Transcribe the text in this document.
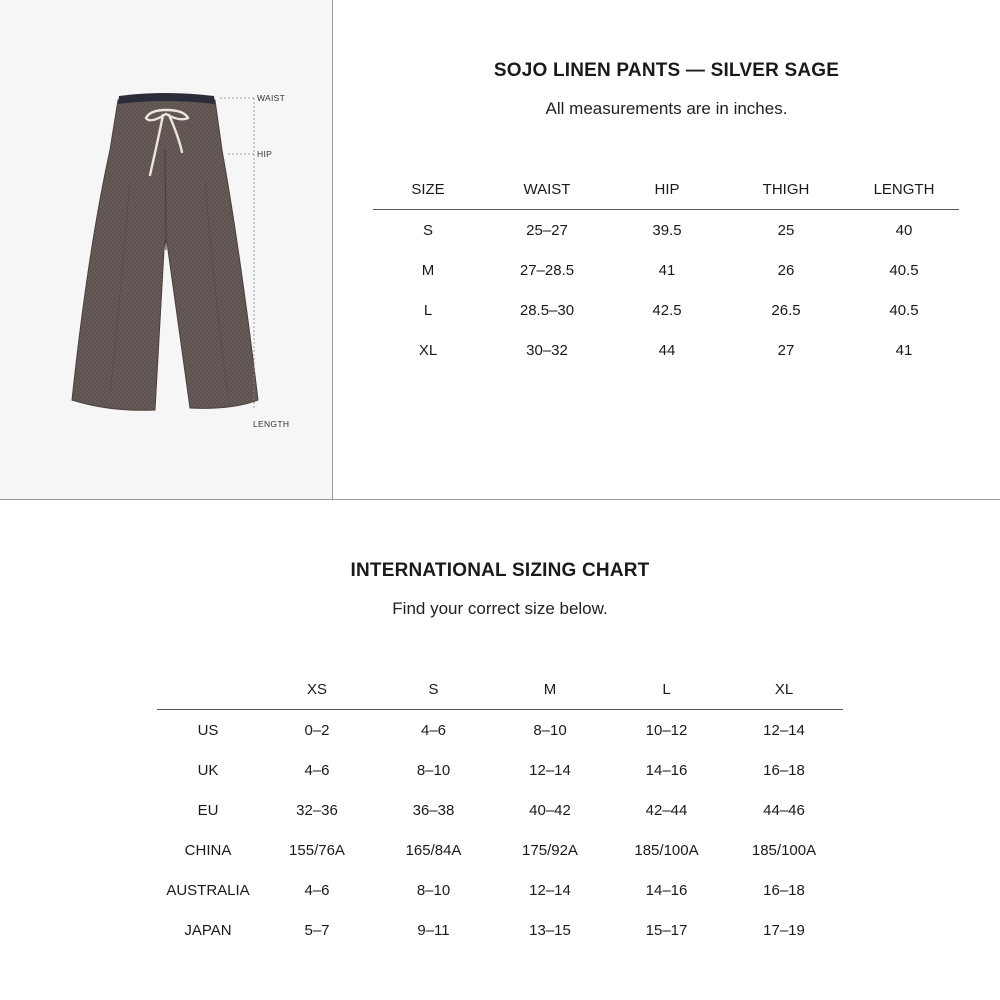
WAIST
HIP
LENGTH
SOJO LINEN PANTS — SILVER SAGE
All measurements are in inches.
SIZE	WAIST	HIP	THIGH	LENGTH
S	25–27	39.5	25	40
M	27–28.5	41	26	40.5
L	28.5–30	42.5	26.5	40.5
XL	30–32	44	27	41
INTERNATIONAL SIZING CHART
Find your correct size below.
	XS	S	M	L	XL
US	0–2	4–6	8–10	10–12	12–14
UK	4–6	8–10	12–14	14–16	16–18
EU	32–36	36–38	40–42	42–44	44–46
CHINA	155/76A	165/84A	175/92A	185/100A	185/100A
AUSTRALIA	4–6	8–10	12–14	14–16	16–18
JAPAN	5–7	9–11	13–15	15–17	17–19
